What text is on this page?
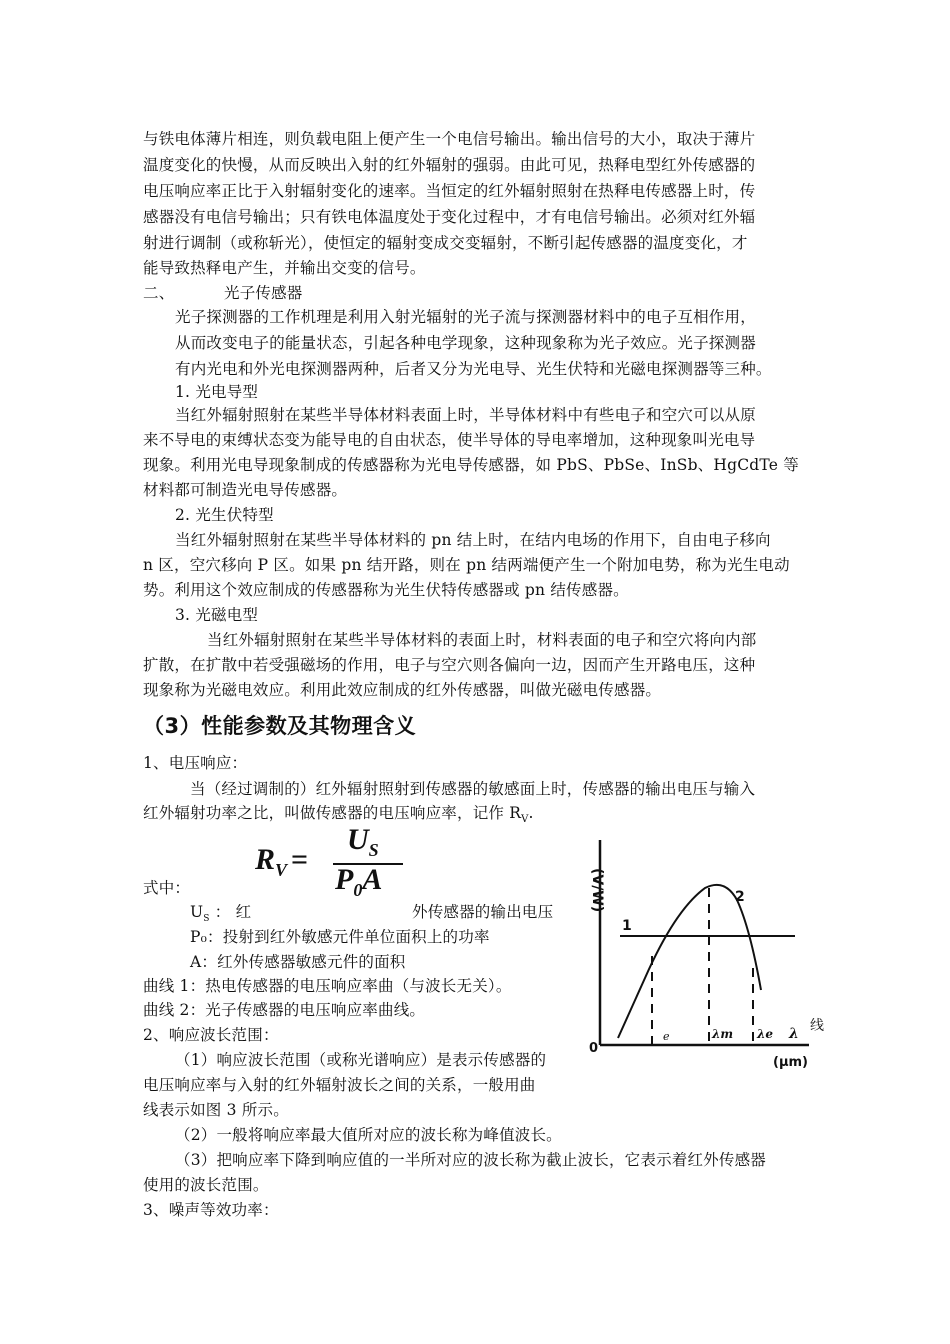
与铁电体薄片相连，则负载电阻上便产生一个电信号输出。输出信号的大小，取决于薄片
温度变化的快慢，从而反映出入射的红外辐射的强弱。由此可见，热释电型红外传感器的
电压响应率正比于入射辐射变化的速率。当恒定的红外辐射照射在热释电传感器上时，传
感器没有电信号输出；只有铁电体温度处于变化过程中，才有电信号输出。必须对红外辐
射进行调制（或称斩光），使恒定的辐射变成交变辐射，不断引起传感器的温度变化，才
能导致热释电产生，并输出交变的信号。
二、	光子传感器
光子探测器的工作机理是利用入射光辐射的光子流与探测器材料中的电子互相作用，
从而改变电子的能量状态，引起各种电学现象，这种现象称为光子效应。光子探测器
有内光电和外光电探测器两种，后者又分为光电导、光生伏特和光磁电探测器等三种。
1. 光电导型
当红外辐射照射在某些半导体材料表面上时，半导体材料中有些电子和空穴可以从原
来不导电的束缚状态变为能导电的自由状态，使半导体的导电率增加，这种现象叫光电导
现象。利用光电导现象制成的传感器称为光电导传感器，如 PbS、PbSe、InSb、HgCdTe 等
材料都可制造光电导传感器。
2. 光生伏特型
当红外辐射照射在某些半导体材料的 pn 结上时，在结内电场的作用下，自由电子移向
n 区，空穴移向 P 区。如果 pn 结开路，则在 pn 结两端便产生一个附加电势，称为光生电动
势。利用这个效应制成的传感器称为光生伏特传感器或 pn 结传感器。
3. 光磁电型
当红外辐射照射在某些半导体材料的表面上时，材料表面的电子和空穴将向内部
扩散，在扩散中若受强磁场的作用，电子与空穴则各偏向一边，因而产生开路电压，这种
现象称为光磁电效应。利用此效应制成的红外传感器，叫做光磁电传感器。
（3）性能参数及其物理含义
1、电压响应：
当（经过调制的）红外辐射照射到传感器的敏感面上时，传感器的输出电压与输入
红外辐射功率之比，叫做传感器的电压响应率，记作 $R_V$.
$R_V$ =
$U_S$
$P_0A$
式中：
$U_S$ ： 红	外传感器的输出电压
P₀：投射到红外敏感元件单位面积上的功率
A：红外传感器敏感元件的面积
曲线 1：热电传感器的电压响应率曲（与波长无关）。
曲线 2：光子传感器的电压响应率曲线。
2、响应波长范围：
（1）响应波长范围（或称光谱响应）是表示传感器的
电压响应率与入射的红外辐射波长之间的关系，一般用曲
线表示如图 3 所示。
（2）一般将响应率最大值所对应的波长称为峰值波长。
（3）把响应率下降到响应值的一半所对应的波长称为截止波长，它表示着红外传感器
使用的波长范围。
3、噪声等效功率：
(V/W)
1
2
0
e	λm λe λ
(μm)
线
